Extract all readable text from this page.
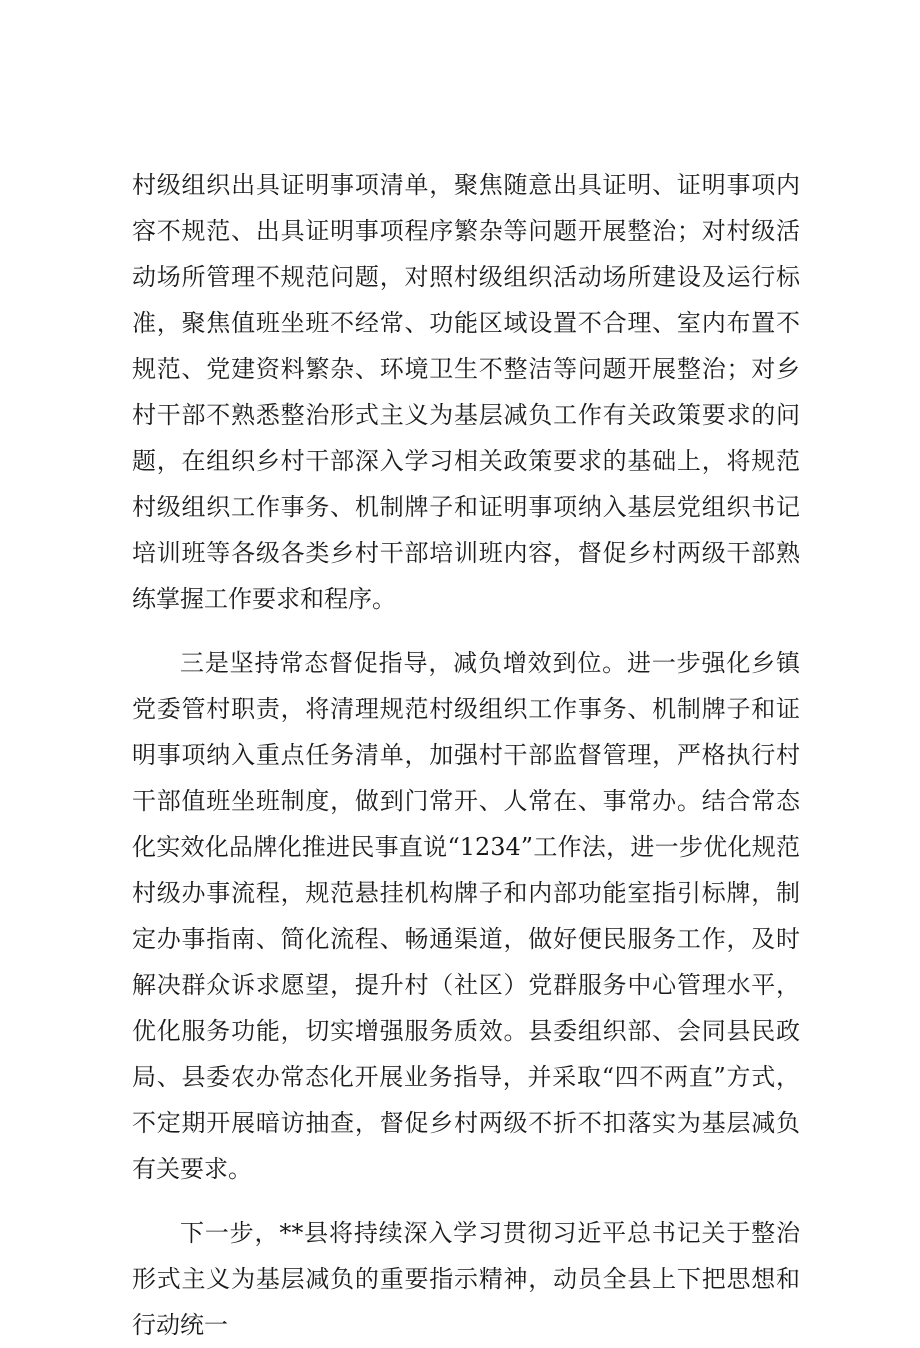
村级组织出具证明事项清单，聚焦随意出具证明、证明事项内容不规范、出具证明事项程序繁杂等问题开展整治；对村级活动场所管理不规范问题，对照村级组织活动场所建设及运行标准，聚焦值班坐班不经常、功能区域设置不合理、室内布置不规范、党建资料繁杂、环境卫生不整洁等问题开展整治；对乡村干部不熟悉整治形式主义为基层减负工作有关政策要求的问题，在组织乡村干部深入学习相关政策要求的基础上，将规范村级组织工作事务、机制牌子和证明事项纳入基层党组织书记培训班等各级各类乡村干部培训班内容，督促乡村两级干部熟练掌握工作要求和程序。

三是坚持常态督促指导，减负增效到位。进一步强化乡镇党委管村职责，将清理规范村级组织工作事务、机制牌子和证明事项纳入重点任务清单，加强村干部监督管理，严格执行村干部值班坐班制度，做到门常开、人常在、事常办。结合常态化实效化品牌化推进民事直说“1234”工作法，进一步优化规范村级办事流程，规范悬挂机构牌子和内部功能室指引标牌，制定办事指南、简化流程、畅通渠道，做好便民服务工作，及时解决群众诉求愿望，提升村（社区）党群服务中心管理水平，优化服务功能，切实增强服务质效。县委组织部、会同县民政局、县委农办常态化开展业务指导，并采取“四不两直”方式，不定期开展暗访抽查，督促乡村两级不折不扣落实为基层减负有关要求。

下一步，**县将持续深入学习贯彻习近平总书记关于整治形式主义为基层减负的重要指示精神，动员全县上下把思想和行动统一
